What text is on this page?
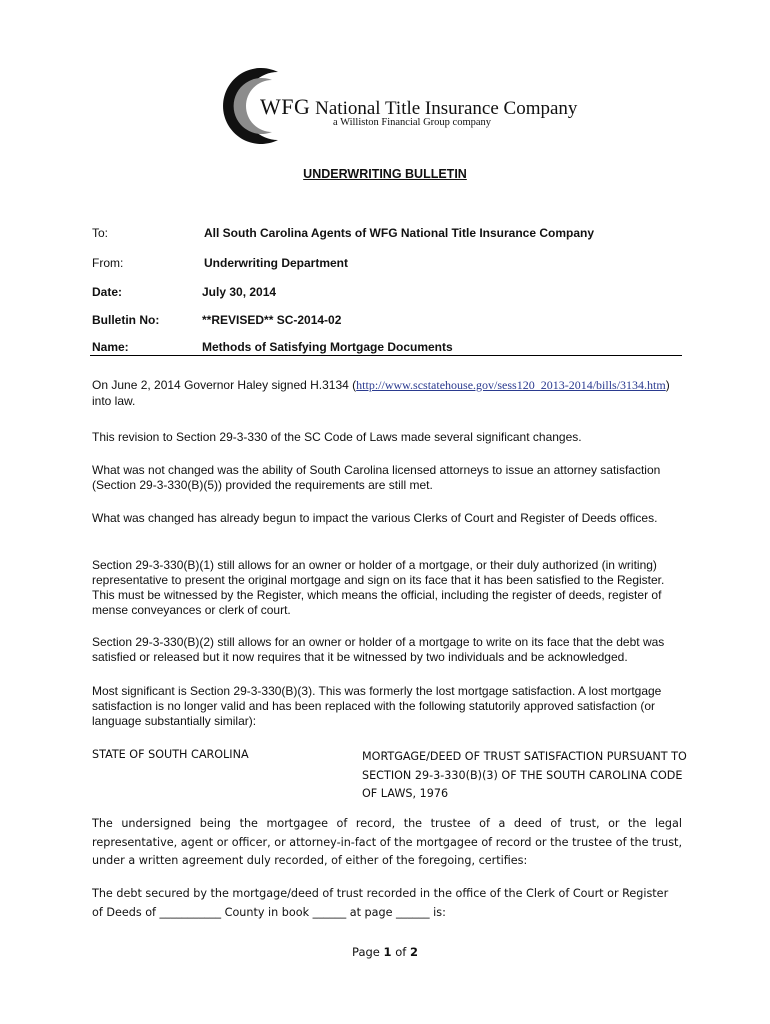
WFG National Title Insurance Company
a Williston Financial Group company
UNDERWRITING BULLETIN
To:	All South Carolina Agents of WFG National Title Insurance Company
From:	Underwriting Department
Date:	July 30, 2014
Bulletin No:	**REVISED** SC-2014-02
Name:	Methods of Satisfying Mortgage Documents
On June 2, 2014 Governor Haley signed H.3134 (http://www.scstatehouse.gov/sess120_2013-2014/bills/3134.htm) into law.
This revision to Section 29-3-330 of the SC Code of Laws made several significant changes.
What was not changed was the ability of South Carolina licensed attorneys to issue an attorney satisfaction (Section 29-3-330(B)(5)) provided the requirements are still met.
What was changed has already begun to impact the various Clerks of Court and Register of Deeds offices.
Section 29-3-330(B)(1) still allows for an owner or holder of a mortgage, or their duly authorized (in writing) representative to present the original mortgage and sign on its face that it has been satisfied to the Register. This must be witnessed by the Register, which means the official, including the register of deeds, register of mense conveyances or clerk of court.
Section 29-3-330(B)(2) still allows for an owner or holder of a mortgage to write on its face that the debt was satisfied or released but it now requires that it be witnessed by two individuals and be acknowledged.
Most significant is Section 29-3-330(B)(3). This was formerly the lost mortgage satisfaction. A lost mortgage satisfaction is no longer valid and has been replaced with the following statutorily approved satisfaction (or language substantially similar):
STATE OF SOUTH CAROLINA	MORTGAGE/DEED OF TRUST SATISFACTION PURSUANT TO SECTION 29-3-330(B)(3) OF THE SOUTH CAROLINA CODE OF LAWS, 1976
The undersigned being the mortgagee of record, the trustee of a deed of trust, or the legal representative, agent or officer, or attorney-in-fact of the mortgagee of record or the trustee of the trust, under a written agreement duly recorded, of either of the foregoing, certifies:
The debt secured by the mortgage/deed of trust recorded in the office of the Clerk of Court or Register of Deeds of ___________ County in book ______ at page ______ is:
Page 1 of 2
